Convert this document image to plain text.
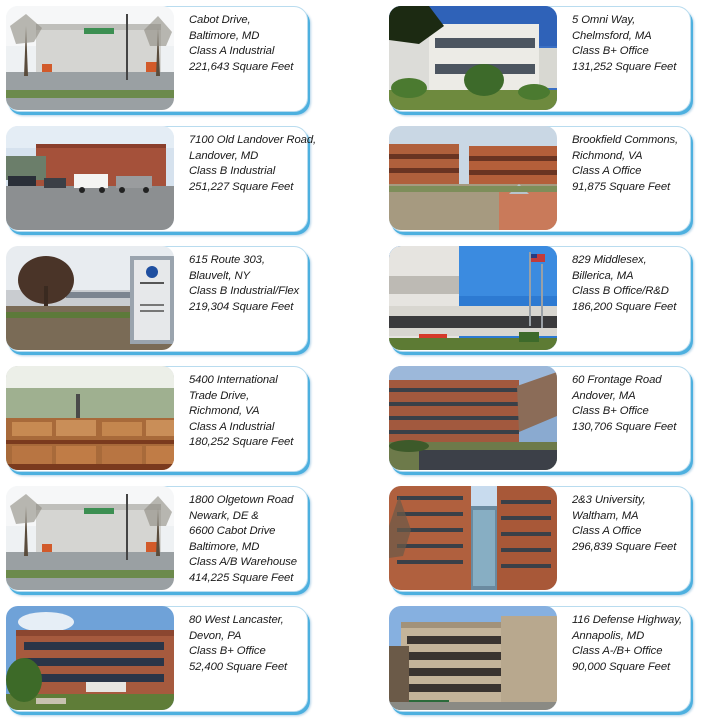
Cabot Drive,
Baltimore, MD
Class A Industrial
221,643 Square Feet
5 Omni Way,
Chelmsford, MA
Class B+ Office
131,252 Square Feet
7100 Old Landover Road,
Landover, MD
Class B Industrial
251,227 Square Feet
Brookfield Commons,
Richmond, VA
Class A Office
91,875 Square Feet
615 Route 303,
Blauvelt, NY
Class B Industrial/Flex
219,304 Square Feet
829 Middlesex,
Billerica, MA
Class B Office/R&D
186,200 Square Feet
5400 International
Trade Drive,
Richmond, VA
Class A Industrial
180,252 Square Feet
60 Frontage Road
Andover, MA
Class B+ Office
130,706 Square Feet
1800 Olgetown Road
Newark, DE &
6600 Cabot Drive
Baltimore, MD
Class A/B Warehouse
414,225 Square Feet
2&3 University,
Waltham, MA
Class A Office
296,839 Square Feet
80 West Lancaster,
Devon, PA
Class B+ Office
52,400 Square Feet
116 Defense Highway,
Annapolis, MD
Class A-/B+ Office
90,000 Square Feet
